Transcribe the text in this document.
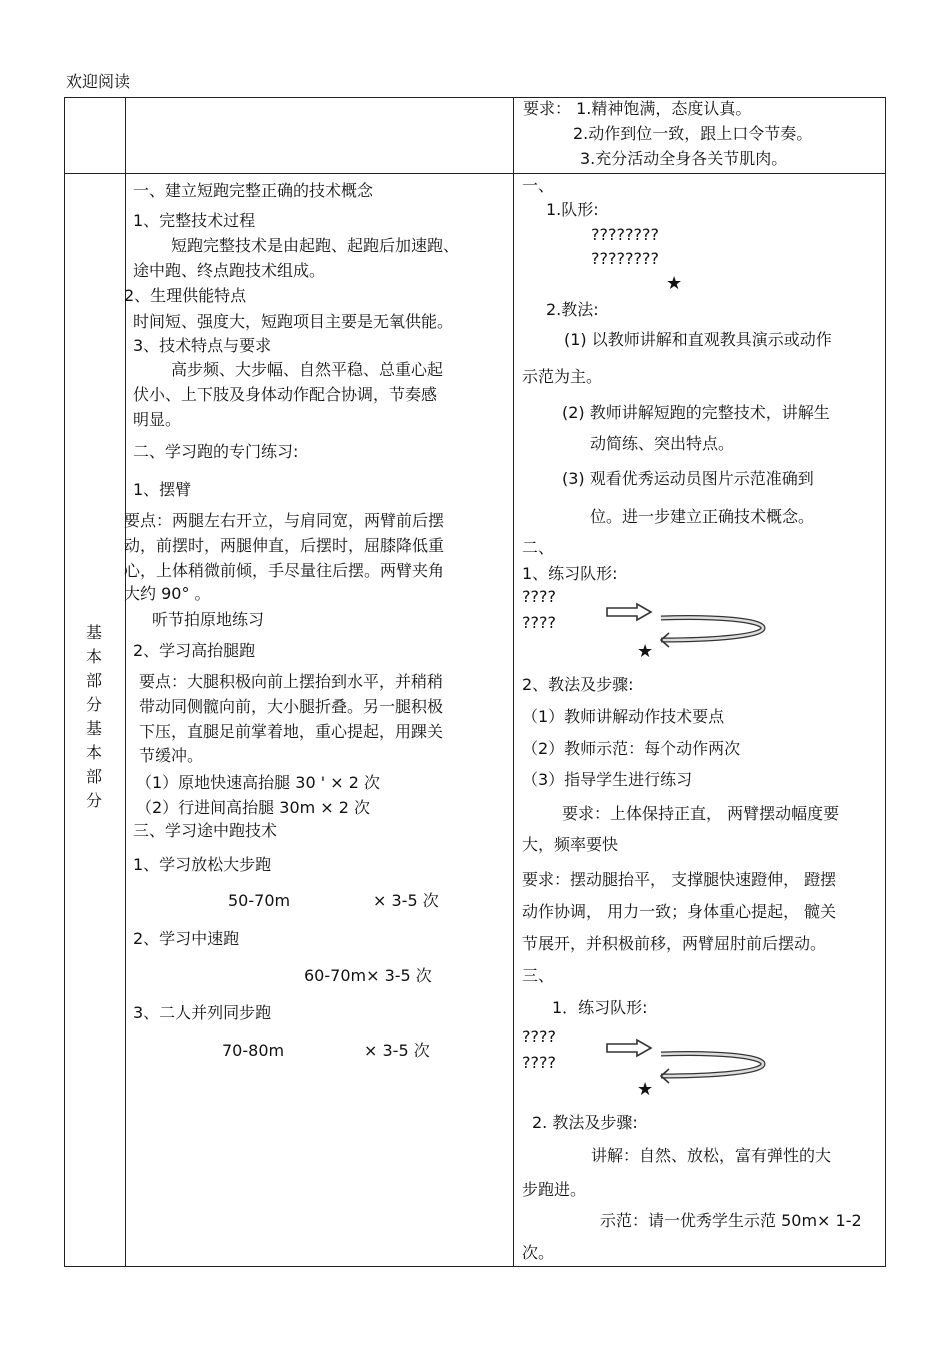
欢迎阅读
要求： 1.精神饱满，态度认真。
2.动作到位一致，跟上口令节奏。
3.充分活动全身各关节肌肉。
基
本
部
分
基
本
部
分
一、建立短跑完整正确的技术概念
1、完整技术过程
短跑完整技术是由起跑、起跑后加速跑、
途中跑、终点跑技术组成。
2、生理供能特点
时间短、强度大，短跑项目主要是无氧供能。
3、技术特点与要求
高步频、大步幅、自然平稳、总重心起
伏小、上下肢及身体动作配合协调，节奏感
明显。
二、学习跑的专门练习:
1、摆臂
要点：两腿左右开立，与肩同宽，两臂前后摆
动，前摆时，两腿伸直，后摆时，屈膝降低重
心，上体稍微前倾，手尽量往后摆。两臂夹角
大约 90° 。
听节拍原地练习
2、学习高抬腿跑
要点：大腿积极向前上摆抬到水平，并稍稍
带动同侧髋向前，大小腿折叠。另一腿积极
下压，直腿足前掌着地，重心提起，用踝关
节缓冲。
（1）原地快速高抬腿 30 ' × 2 次
（2）行进间高抬腿 30m × 2 次
三、学习途中跑技术
1、学习放松大步跑
50-70m	× 3-5 次
2、学习中速跑
60-70m× 3-5 次
3、二人并列同步跑
70-80m	× 3-5 次
一、
1.队形:
????????
????????
★
2.教法:
(1) 以教师讲解和直观教具演示或动作
示范为主。
(2) 教师讲解短跑的完整技术，讲解生
动简练、突出特点。
(3) 观看优秀运动员图片示范准确到
位。进一步建立正确技术概念。
二、
1、练习队形:
????
????
★
2、教法及步骤:
（1）教师讲解动作技术要点
（2）教师示范：每个动作两次
（3）指导学生进行练习
要求：上体保持正直， 两臂摆动幅度要
大，频率要快
要求：摆动腿抬平， 支撑腿快速蹬伸， 蹬摆
动作协调， 用力一致；身体重心提起， 髋关
节展开，并积极前移，两臂屈肘前后摆动。
三、
1．练习队形:
????
????
★
2. 教法及步骤:
讲解：自然、放松，富有弹性的大
步跑进。
示范：请一优秀学生示范 50m× 1-2
次。
